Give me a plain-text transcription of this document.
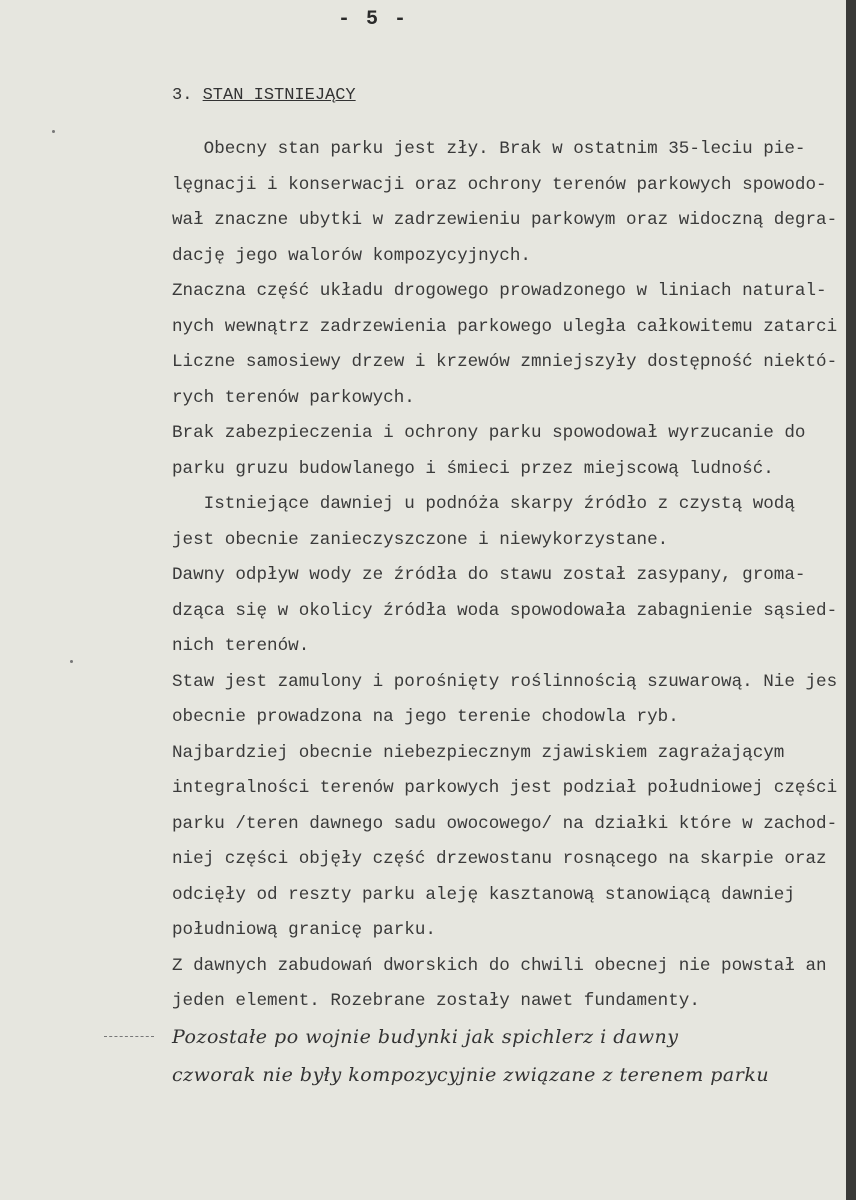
- 5 -
3. STAN ISTNIEJĄCY
Obecny stan parku jest zły. Brak w ostatnim 35-leciu pie-
lęgnacji i konserwacji oraz ochrony terenów parkowych spowodo-
wał znaczne ubytki w zadrzewieniu parkowym oraz widoczną degra-
dację jego walorów kompozycyjnych.
Znaczna część układu drogowego prowadzonego w liniach natural-
nych wewnątrz zadrzewienia parkowego uległa całkowitemu zatarci
Liczne samosiewy drzew i krzewów zmniejszyły dostępność niektó-
rych terenów parkowych.
Brak zabezpieczenia i ochrony parku spowodował wyrzucanie do
parku gruzu budowlanego i śmieci przez miejscową ludność.
Istniejące dawniej u podnóża skarpy źródło z czystą wodą
jest obecnie zanieczyszczone i niewykorzystane.
Dawny odpływ wody ze źródła do stawu został zasypany, groma-
dząca się w okolicy źródła woda spowodowała zabagnienie sąsied-
nich terenów.
Staw jest zamulony i porośnięty roślinnością szuwarową. Nie jes
obecnie prowadzona na jego terenie chodowla ryb.
Najbardziej obecnie niebezpiecznym zjawiskiem zagrażającym
integralności terenów parkowych jest podział południowej części
parku /teren dawnego sadu owocowego/ na działki które w zachod-
niej części objęły część drzewostanu rosnącego na skarpie oraz
odcięły od reszty parku aleję kasztanową stanowiącą dawniej
południową granicę parku.
Z dawnych zabudowań dworskich do chwili obecnej nie powstał an
jeden element. Rozebrane zostały nawet fundamenty.
Pozostałe po wojnie budynki jak spichlerz i dawny
czworak nie były kompozycyjnie związane z terenem parku
